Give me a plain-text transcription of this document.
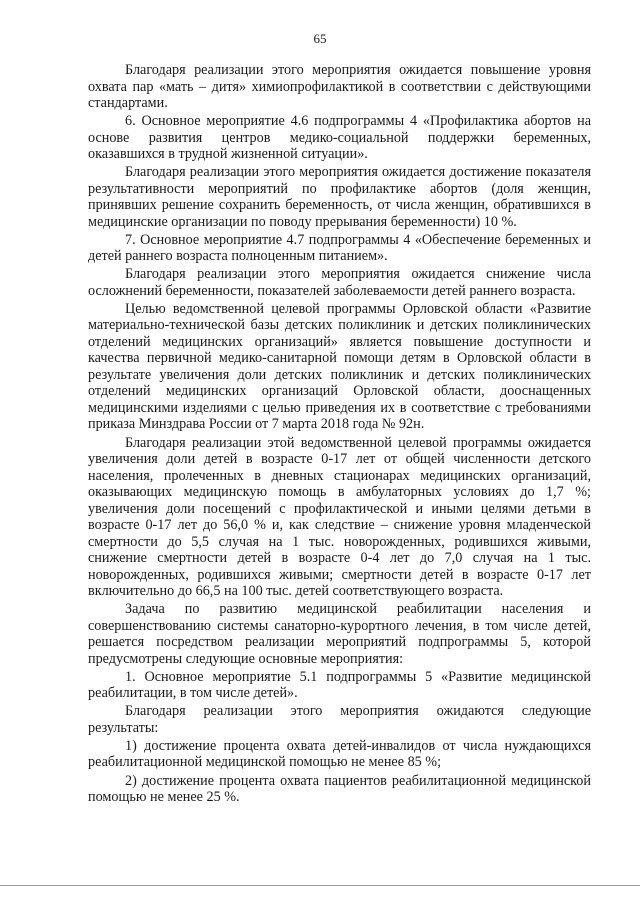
65

Благодаря реализации этого мероприятия ожидается повышение уровня охвата пар «мать – дитя» химиопрофилактикой в соответствии с действующими стандартами.

6. Основное мероприятие 4.6 подпрограммы 4 «Профилактика абортов на основе развития центров медико-социальной поддержки беременных, оказавшихся в трудной жизненной ситуации».

Благодаря реализации этого мероприятия ожидается достижение показателя результативности мероприятий по профилактике абортов (доля женщин, принявших решение сохранить беременность, от числа женщин, обратившихся в медицинские организации по поводу прерывания беременности) 10 %.

7. Основное мероприятие 4.7 подпрограммы 4 «Обеспечение беременных и детей раннего возраста полноценным питанием».

Благодаря реализации этого мероприятия ожидается снижение числа осложнений беременности, показателей заболеваемости детей раннего возраста.

Целью ведомственной целевой программы Орловской области «Развитие материально-технической базы детских поликлиник и детских поликлинических отделений медицинских организаций» является повышение доступности и качества первичной медико-санитарной помощи детям в Орловской области в результате увеличения доли детских поликлиник и детских поликлинических отделений медицинских организаций Орловской области, дооснащенных медицинскими изделиями с целью приведения их в соответствие с требованиями приказа Минздрава России от 7 марта 2018 года № 92н.

Благодаря реализации этой ведомственной целевой программы ожидается увеличения доли детей в возрасте 0-17 лет от общей численности детского населения, пролеченных в дневных стационарах медицинских организаций, оказывающих медицинскую помощь в амбулаторных условиях до 1,7 %; увеличения доли посещений с профилактической и иными целями детьми в возрасте 0-17 лет до 56,0 % и, как следствие – снижение уровня младенческой смертности до 5,5 случая на 1 тыс. новорожденных, родившихся живыми, снижение смертности детей в возрасте 0-4 лет до 7,0 случая на 1 тыс. новорожденных, родившихся живыми; смертности детей в возрасте 0-17 лет включительно до 66,5 на 100 тыс. детей соответствующего возраста.

Задача по развитию медицинской реабилитации населения и совершенствованию системы санаторно-курортного лечения, в том числе детей, решается посредством реализации мероприятий подпрограммы 5, которой предусмотрены следующие основные мероприятия:

1. Основное мероприятие 5.1 подпрограммы 5 «Развитие медицинской реабилитации, в том числе детей».

Благодаря реализации этого мероприятия ожидаются следующие результаты:

1) достижение процента охвата детей-инвалидов от числа нуждающихся реабилитационной медицинской помощью не менее 85 %;

2) достижение процента охвата пациентов реабилитационной медицинской помощью не менее 25 %.
